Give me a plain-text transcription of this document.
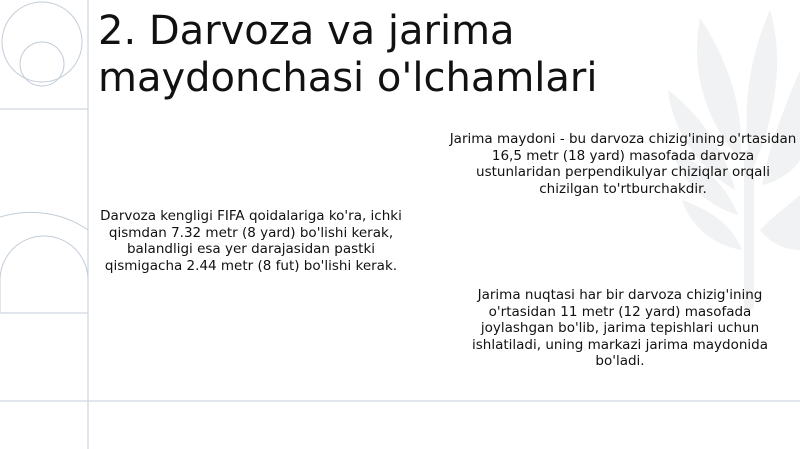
2. Darvoza va jarima maydonchasi o'lchamlari

Darvoza kengligi FIFA qoidalariga ko'ra, ichki qismdan 7.32 metr (8 yard) bo'lishi kerak, balandligi esa yer darajasidan pastki qismigacha 2.44 metr (8 fut) bo'lishi kerak.

Jarima maydoni - bu darvoza chizig'ining o'rtasidan 16,5 metr (18 yard) masofada darvoza ustunlaridan perpendikulyar chiziqlar orqali chizilgan to'rtburchakdir.

Jarima nuqtasi har bir darvoza chizig'ining o'rtasidan 11 metr (12 yard) masofada joylashgan bo'lib, jarima tepishlari uchun ishlatiladi, uning markazi jarima maydonida bo'ladi.
